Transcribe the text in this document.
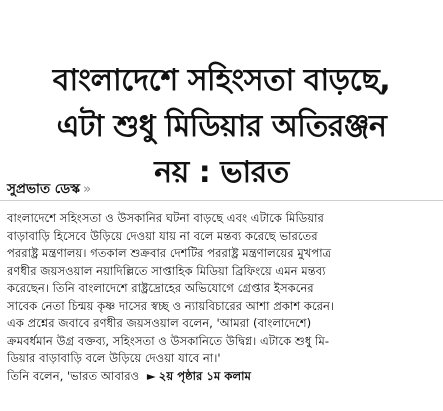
বাংলাদেশে সহিংসতা বাড়ছে,
এটা শুধু মিডিয়ার অতিরঞ্জন
নয় : ভারত
সুপ্রভাত ডেস্ক »
বাংলাদেশে সহিংসতা ও উসকানির ঘটনা বাড়ছে এবং এটাকে মিডিয়ার
বাড়াবাড়ি হিসেবে উড়িয়ে দেওয়া যায় না বলে মন্তব্য করেছে ভারতের
পররাষ্ট্র মন্ত্রণালয়। গতকাল শুক্রবার দেশটির পররাষ্ট্র মন্ত্রণালয়ের মুখপাত্র
রণধীর জয়সওয়াল নয়াদিল্লিতে সাপ্তাহিক মিডিয়া ব্রিফিংয়ে এমন মন্তব্য
করেছেন। তিনি বাংলাদেশে রাষ্ট্রদ্রোহের অভিযোগে গ্রেপ্তার ইসকনের
সাবেক নেতা চিন্ময় কৃষ্ণ দাসের স্বচ্ছ ও ন্যায়বিচারের আশা প্রকাশ করেন।
এক প্রশ্নের জবাবে রণধীর জয়সওয়াল বলেন, 'আমরা (বাংলাদেশে)
ক্রমবর্ধমান উগ্র বক্তব্য, সহিংসতা ও উসকানিতে উদ্বিগ্ন। এটাকে শুধু মি-
ডিয়ার বাড়াবাড়ি বলে উড়িয়ে দেওয়া যাবে না।'
তিনি বলেন, 'ভারত আবারও ► ২য় পৃষ্ঠার ১ম কলাম
